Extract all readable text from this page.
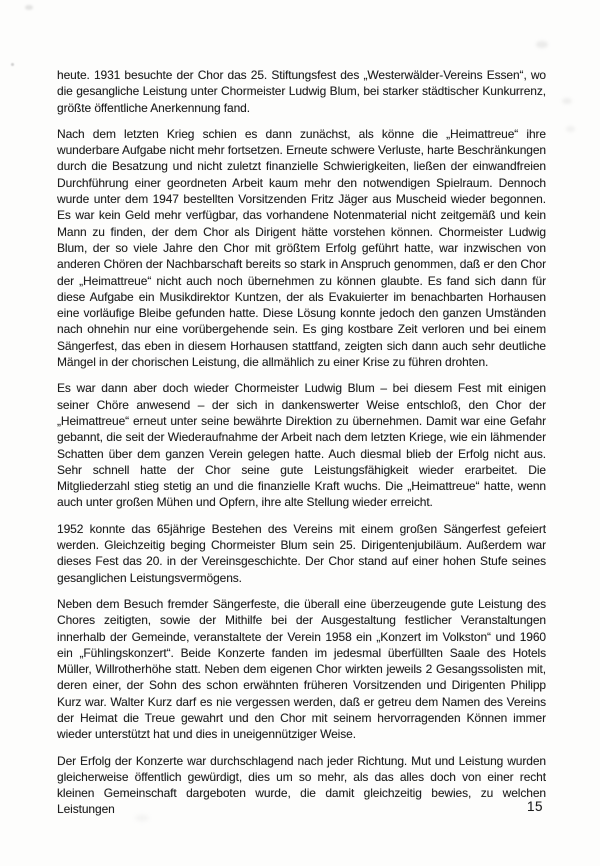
heute. 1931 besuchte der Chor das 25. Stiftungsfest des „Westerwälder-Vereins Essen“, wo die gesangliche Leistung unter Chormeister Ludwig Blum, bei starker städtischer Kunkurrenz, größte öffentliche Anerkennung fand.

Nach dem letzten Krieg schien es dann zunächst, als könne die „Heimattreue“ ihre wunderbare Aufgabe nicht mehr fortsetzen. Erneute schwere Verluste, harte Beschränkungen durch die Besatzung und nicht zuletzt finanzielle Schwierigkeiten, ließen der einwandfreien Durchführung einer geordneten Arbeit kaum mehr den notwendigen Spielraum. Dennoch wurde unter dem 1947 bestellten Vorsitzenden Fritz Jäger aus Muscheid wieder begonnen. Es war kein Geld mehr verfügbar, das vorhandene Notenmaterial nicht zeitgemäß und kein Mann zu finden, der dem Chor als Dirigent hätte vorstehen können. Chormeister Ludwig Blum, der so viele Jahre den Chor mit größtem Erfolg geführt hatte, war inzwischen von anderen Chören der Nachbarschaft bereits so stark in Anspruch genommen, daß er den Chor der „Heimattreue“ nicht auch noch übernehmen zu können glaubte. Es fand sich dann für diese Aufgabe ein Musikdirektor Kuntzen, der als Evakuierter im benachbarten Horhausen eine vorläufige Bleibe gefunden hatte. Diese Lösung konnte jedoch den ganzen Umständen nach ohnehin nur eine vorübergehende sein. Es ging kostbare Zeit verloren und bei einem Sängerfest, das eben in diesem Horhausen stattfand, zeigten sich dann auch sehr deutliche Mängel in der chorischen Leistung, die allmählich zu einer Krise zu führen drohten.

Es war dann aber doch wieder Chormeister Ludwig Blum – bei diesem Fest mit einigen seiner Chöre anwesend – der sich in dankenswerter Weise entschloß, den Chor der „Heimattreue“ erneut unter seine bewährte Direktion zu übernehmen. Damit war eine Gefahr gebannt, die seit der Wiederaufnahme der Arbeit nach dem letzten Kriege, wie ein lähmender Schatten über dem ganzen Verein gelegen hatte. Auch diesmal blieb der Erfolg nicht aus. Sehr schnell hatte der Chor seine gute Leistungsfähigkeit wieder erarbeitet. Die Mitgliederzahl stieg stetig an und die finanzielle Kraft wuchs. Die „Heimattreue“ hatte, wenn auch unter großen Mühen und Opfern, ihre alte Stellung wieder erreicht.

1952 konnte das 65jährige Bestehen des Vereins mit einem großen Sängerfest gefeiert werden. Gleichzeitig beging Chormeister Blum sein 25. Dirigentenjubiläum. Außerdem war dieses Fest das 20. in der Vereinsgeschichte. Der Chor stand auf einer hohen Stufe seines gesanglichen Leistungsvermögens.

Neben dem Besuch fremder Sängerfeste, die überall eine überzeugende gute Leistung des Chores zeitigten, sowie der Mithilfe bei der Ausgestaltung festlicher Veranstaltungen innerhalb der Gemeinde, veranstaltete der Verein 1958 ein „Konzert im Volkston“ und 1960 ein „Fühlingskonzert“. Beide Konzerte fanden im jedesmal überfüllten Saale des Hotels Müller, Willrotherhöhe statt. Neben dem eigenen Chor wirkten jeweils 2 Gesangssolisten mit, deren einer, der Sohn des schon erwähnten früheren Vorsitzenden und Dirigenten Philipp Kurz war. Walter Kurz darf es nie vergessen werden, daß er getreu dem Namen des Vereins der Heimat die Treue gewahrt und den Chor mit seinem hervorragenden Können immer wieder unterstützt hat und dies in uneigennütziger Weise.

Der Erfolg der Konzerte war durchschlagend nach jeder Richtung. Mut und Leistung wurden gleicherweise öffentlich gewürdigt, dies um so mehr, als das alles doch von einer recht kleinen Gemeinschaft dargeboten wurde, die damit gleichzeitig bewies, zu welchen Leistungen	15
